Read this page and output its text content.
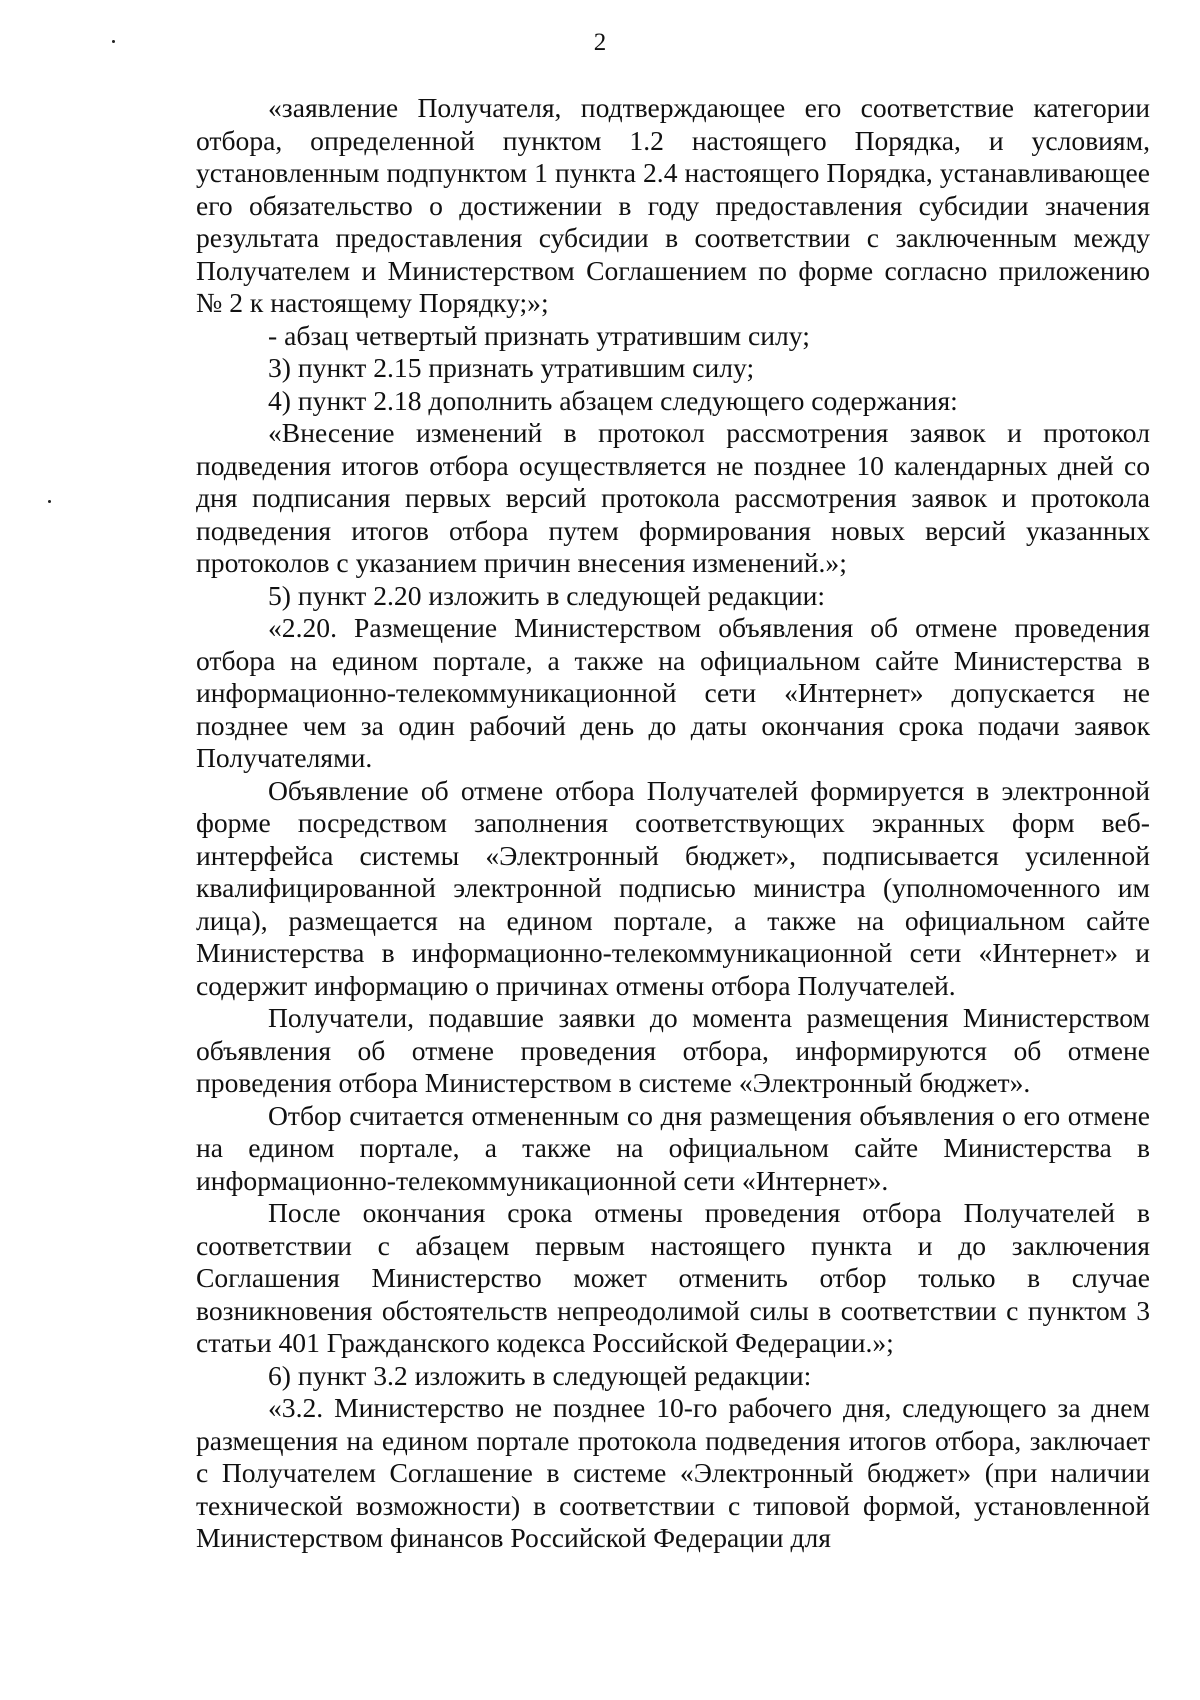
2

«заявление Получателя, подтверждающее его соответствие категории отбора, определенной пунктом 1.2 настоящего Порядка, и условиям, установленным подпунктом 1 пункта 2.4 настоящего Порядка, устанавливающее его обязательство о достижении в году предоставления субсидии значения результата предоставления субсидии в соответствии с заключенным между Получателем и Министерством Соглашением по форме согласно приложению № 2 к настоящему Порядку;»;

- абзац четвертый признать утратившим силу;

3) пункт 2.15 признать утратившим силу;

4) пункт 2.18 дополнить абзацем следующего содержания:

«Внесение изменений в протокол рассмотрения заявок и протокол подведения итогов отбора осуществляется не позднее 10 календарных дней со дня подписания первых версий протокола рассмотрения заявок и протокола подведения итогов отбора путем формирования новых версий указанных протоколов с указанием причин внесения изменений.»;

5) пункт 2.20 изложить в следующей редакции:

«2.20. Размещение Министерством объявления об отмене проведения отбора на едином портале, а также на официальном сайте Министерства в информационно-телекоммуникационной сети «Интернет» допускается не позднее чем за один рабочий день до даты окончания срока подачи заявок Получателями.

Объявление об отмене отбора Получателей формируется в электронной форме посредством заполнения соответствующих экранных форм веб-интерфейса системы «Электронный бюджет», подписывается усиленной квалифицированной электронной подписью министра (уполномоченного им лица), размещается на едином портале, а также на официальном сайте Министерства в информационно-телекоммуникационной сети «Интернет» и содержит информацию о причинах отмены отбора Получателей.

Получатели, подавшие заявки до момента размещения Министерством объявления об отмене проведения отбора, информируются об отмене проведения отбора Министерством в системе «Электронный бюджет».

Отбор считается отмененным со дня размещения объявления о его отмене на едином портале, а также на официальном сайте Министерства в информационно-телекоммуникационной сети «Интернет».

После окончания срока отмены проведения отбора Получателей в соответствии с абзацем первым настоящего пункта и до заключения Соглашения Министерство может отменить отбор только в случае возникновения обстоятельств непреодолимой силы в соответствии с пунктом 3 статьи 401 Гражданского кодекса Российской Федерации.»;

6) пункт 3.2 изложить в следующей редакции:

«3.2. Министерство не позднее 10-го рабочего дня, следующего за днем размещения на едином портале протокола подведения итогов отбора, заключает с Получателем Соглашение в системе «Электронный бюджет» (при наличии технической возможности) в соответствии с типовой формой, установленной Министерством финансов Российской Федерации для
